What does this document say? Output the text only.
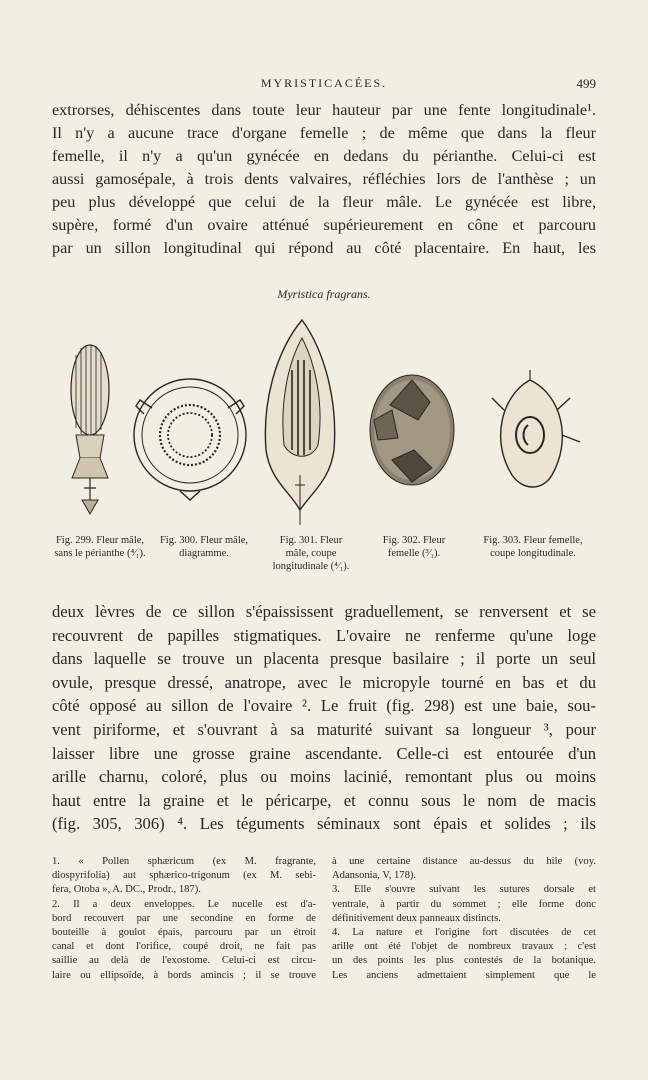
MYRISTICACÉES.	499
extrorses, déhiscentes dans toute leur hauteur par une fente longitudinale¹.
Il n'y a aucune trace d'organe femelle ; de même que dans la fleur
femelle, il n'y a qu'un gynécée en dedans du périanthe. Celui-ci est
aussi gamosépale, à trois dents valvaires, réfléchies lors de l'anthèse ; un
peu plus développé que celui de la fleur mâle. Le gynécée est libre,
supère, formé d'un ovaire atténué supérieurement en cône et parcouru
par un sillon longitudinal qui répond au côté placentaire. En haut, les
Myristica fragrans.
Fig. 299. Fleur mâle,
sans le périanthe (⁴⁄₁).
Fig. 300. Fleur mâle,
diagramme.
Fig. 301. Fleur
mâle, coupe
longitudinale (⁴⁄₁).
Fig. 302. Fleur
femelle (³⁄₁).
Fig. 303. Fleur femelle,
coupe longitudinale.
deux lèvres de ce sillon s'épaississent graduellement, se renversent et se
recouvrent de papilles stigmatiques. L'ovaire ne renferme qu'une loge
dans laquelle se trouve un placenta presque basilaire ; il porte un seul
ovule, presque dressé, anatrope, avec le micropyle tourné en bas et du
côté opposé au sillon de l'ovaire ². Le fruit (fig. 298) est une baie, sou-
vent piriforme, et s'ouvrant à sa maturité suivant sa longueur ³, pour
laisser libre une grosse graine ascendante. Celle-ci est entourée d'un
arille charnu, coloré, plus ou moins lacinié, remontant plus ou moins
haut entre la graine et le péricarpe, et connu sous le nom de macis
(fig. 305, 306) ⁴. Les téguments séminaux sont épais et solides ; ils
1. « Pollen sphæricum (ex M. fragrante,
diospyrifolia) aut sphærico-trigonum (ex M. sebi-
fera, Otoba », A. DC., Prodr., 187).
2. Il a deux enveloppes. Le nucelle est d'a-
bord recouvert par une secondine en forme de
bouteille à goulot épais, parcouru par un étroit
canal et dont l'orifice, coupé droit, ne fait pas
saillie au delà de l'exostome. Celui-ci est circu-
laire ou ellipsoïde, à bords amincis ; il se trouve
à une certaine distance au-dessus du hile (voy.
Adansonia, V, 178).
3. Elle s'ouvre suivant les sutures dorsale et
ventrale, à partir du sommet ; elle forme donc
définitivement deux panneaux distincts.
4. La nature et l'origine fort discutées de cet
arille ont été l'objet de nombreux travaux ; c'est
un des points les plus contestés de la botanique.
Les anciens admettaient simplement que le
